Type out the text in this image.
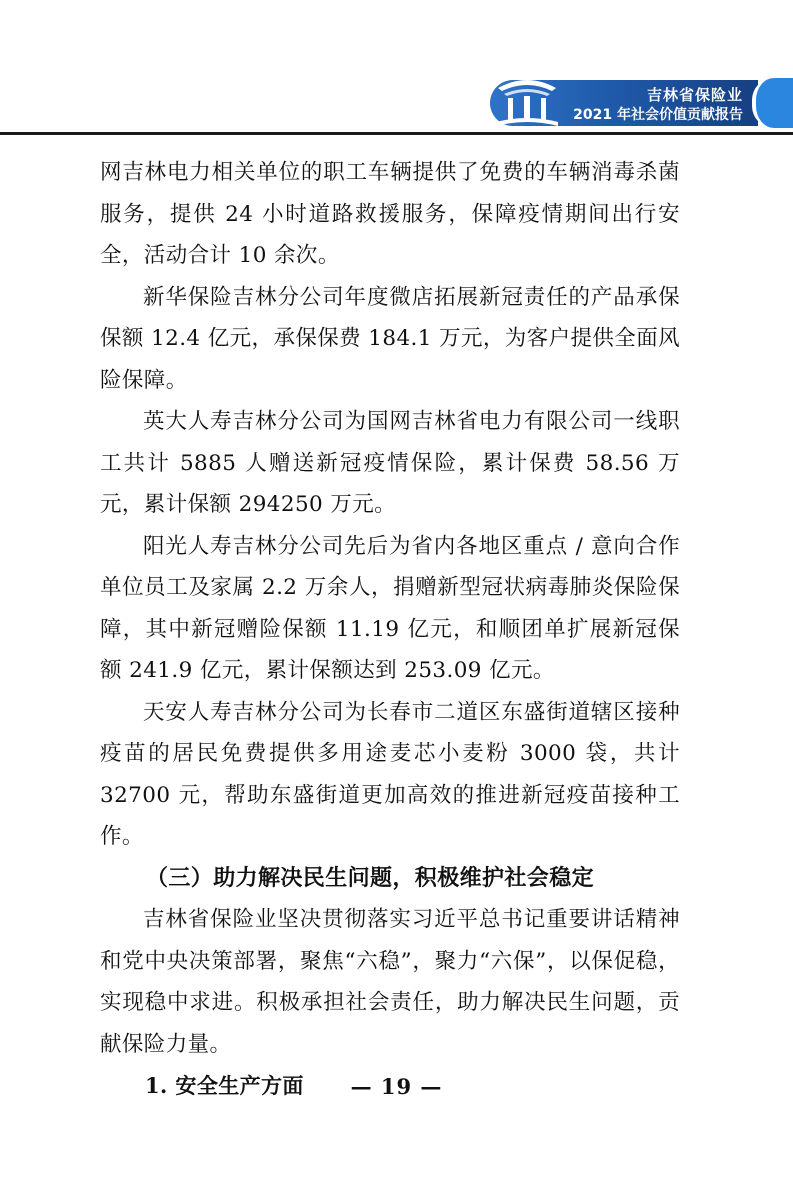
吉林省保险业
2021 年社会价值贡献报告

网吉林电力相关单位的职工车辆提供了免费的车辆消毒杀菌服务，提供 24 小时道路救援服务，保障疫情期间出行安全，活动合计 10 余次。

新华保险吉林分公司年度微店拓展新冠责任的产品承保保额 12.4 亿元，承保保费 184.1 万元，为客户提供全面风险保障。

英大人寿吉林分公司为国网吉林省电力有限公司一线职工共计 5885 人赠送新冠疫情保险，累计保费 58.56 万元，累计保额 294250 万元。

阳光人寿吉林分公司先后为省内各地区重点 / 意向合作单位员工及家属 2.2 万余人，捐赠新型冠状病毒肺炎保险保障，其中新冠赠险保额 11.19 亿元，和顺团单扩展新冠保额 241.9 亿元，累计保额达到 253.09 亿元。

天安人寿吉林分公司为长春市二道区东盛街道辖区接种疫苗的居民免费提供多用途麦芯小麦粉 3000 袋，共计 32700 元，帮助东盛街道更加高效的推进新冠疫苗接种工作。

（三）助力解决民生问题，积极维护社会稳定

吉林省保险业坚决贯彻落实习近平总书记重要讲话精神和党中央决策部署，聚焦“六稳”，聚力“六保”，以保促稳，实现稳中求进。积极承担社会责任，助力解决民生问题，贡献保险力量。

1. 安全生产方面	— 19 —
